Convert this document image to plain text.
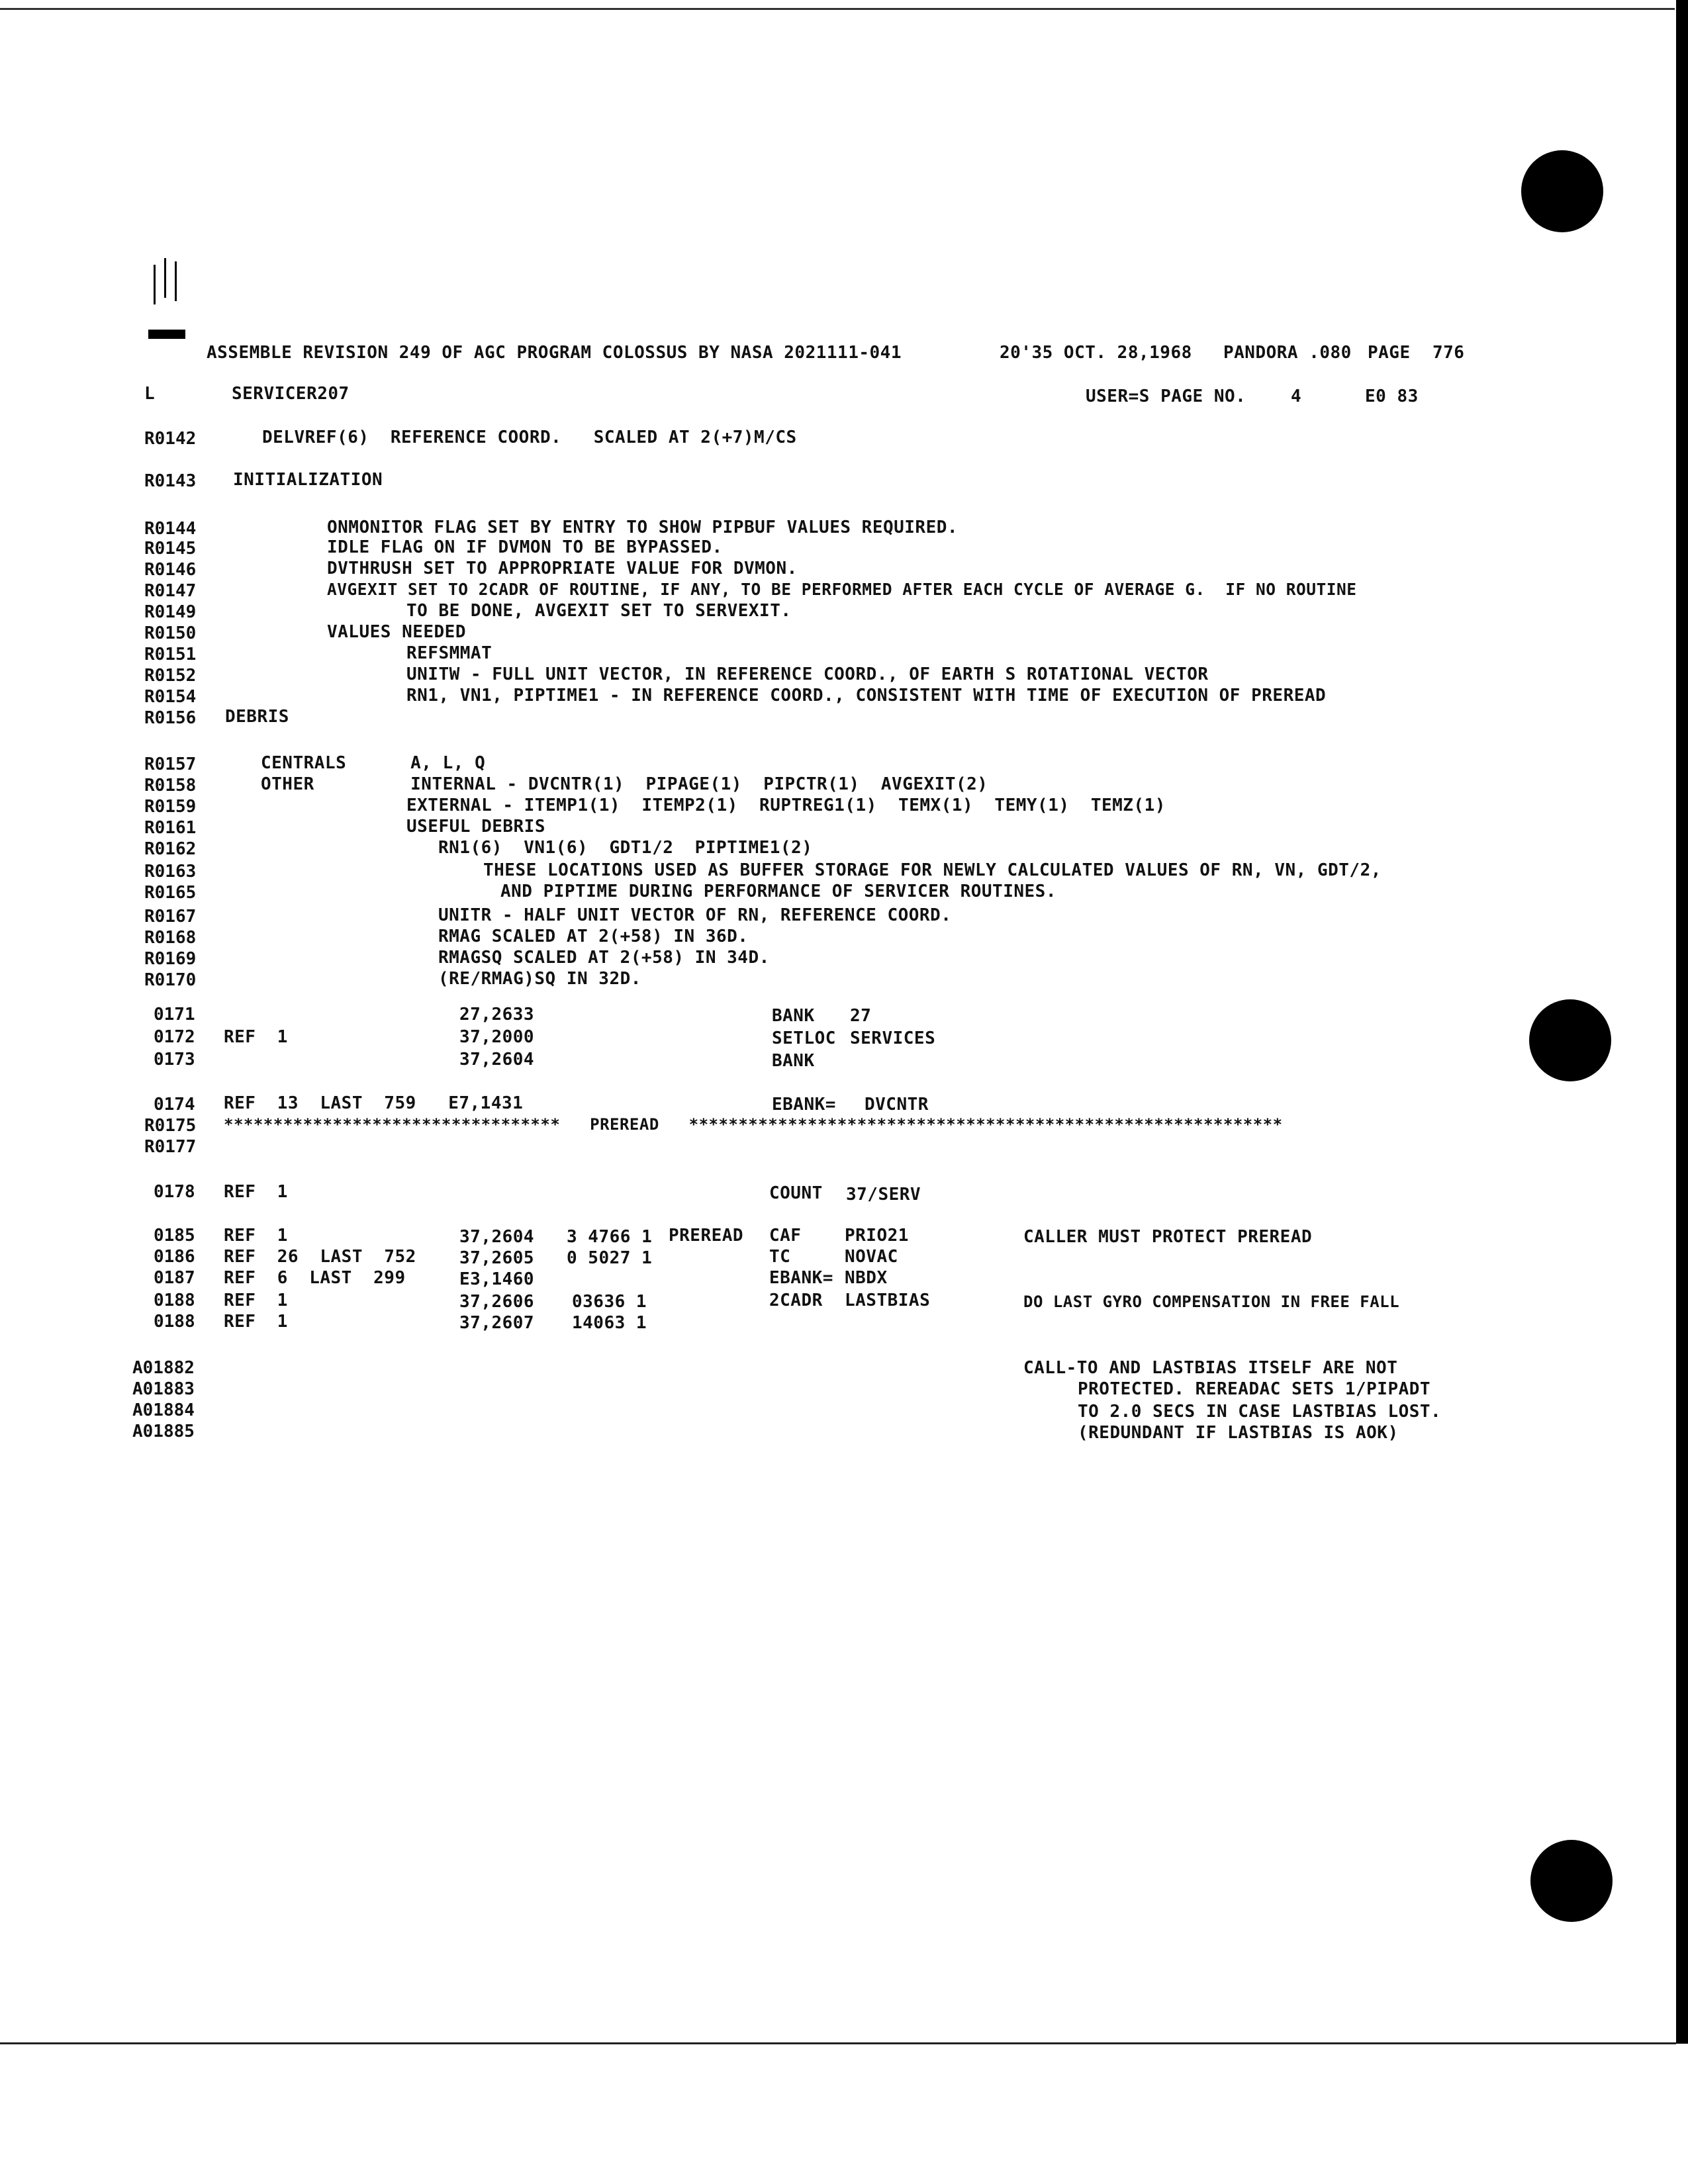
ASSEMBLE REVISION 249 OF AGC PROGRAM COLOSSUS BY NASA 2021111-041	20'35 OCT. 28,1968 PANDORA .080 PAGE 776
L	SERVICER207	USER=S PAGE NO.	4	E0 83
R0142	DELVREF(6)  REFERENCE COORD.   SCALED AT 2(+7)M/CS
R0143 INITIALIZATION
R0144	ONMONITOR FLAG SET BY ENTRY TO SHOW PIPBUF VALUES REQUIRED.
R0145	IDLE FLAG ON IF DVMON TO BE BYPASSED.
R0146	DVTHRUSH SET TO APPROPRIATE VALUE FOR DVMON.
R0147	AVGEXIT SET TO 2CADR OF ROUTINE, IF ANY, TO BE PERFORMED AFTER EACH CYCLE OF AVERAGE G.  IF NO ROUTINE
R0149	TO BE DONE, AVGEXIT SET TO SERVEXIT.
R0150	VALUES NEEDED
R0151	REFSMMAT
R0152	UNITW - FULL UNIT VECTOR, IN REFERENCE COORD., OF EARTH S ROTATIONAL VECTOR
R0154	RN1, VN1, PIPTIME1 - IN REFERENCE COORD., CONSISTENT WITH TIME OF EXECUTION OF PREREAD
R0156 DEBRIS
R0157	CENTRALS      A, L, Q
R0158	OTHER         INTERNAL - DVCNTR(1)  PIPAGE(1)  PIPCTR(1)  AVGEXIT(2)
R0159	EXTERNAL - ITEMP1(1)  ITEMP2(1)  RUPTREG1(1)  TEMX(1)  TEMY(1)  TEMZ(1)
R0161	USEFUL DEBRIS
R0162	RN1(6)  VN1(6)  GDT1/2  PIPTIME1(2)
R0163	THESE LOCATIONS USED AS BUFFER STORAGE FOR NEWLY CALCULATED VALUES OF RN, VN, GDT/2,
R0165	AND PIPTIME DURING PERFORMANCE OF SERVICER ROUTINES.
R0167	UNITR - HALF UNIT VECTOR OF RN, REFERENCE COORD.
R0168	RMAG SCALED AT 2(+58) IN 36D.
R0169	RMAGSQ SCALED AT 2(+58) IN 34D.
R0170	(RE/RMAG)SQ IN 32D.
0171	27,2633	BANK 27
0172 REF  1	37,2000	SETLOC SERVICES
0173	37,2604	BANK
0174 REF  13  LAST  759   E7,1431	EBANK= DVCNTR
R0175 **********************************   PREREAD   ************************************************************
R0177
0178 REF  1	COUNT 37/SERV
0185 REF  1	37,2604 3 4766 1 PREREAD CAF	PRIO21	CALLER MUST PROTECT PREREAD
0186 REF  26  LAST  752	37,2605 0 5027 1	TC	NOVAC
0187 REF  6  LAST  299	E3,1460	EBANK= NBDX
0188 REF  1	37,2606 03636 1	2CADR LASTBIAS	DO LAST GYRO COMPENSATION IN FREE FALL
0188 REF  1	37,2607 14063 1
A01882	CALL-TO AND LASTBIAS ITSELF ARE NOT
A01883	PROTECTED. REREADAC SETS 1/PIPADT
A01884	TO 2.0 SECS IN CASE LASTBIAS LOST.
A01885	(REDUNDANT IF LASTBIAS IS AOK)
